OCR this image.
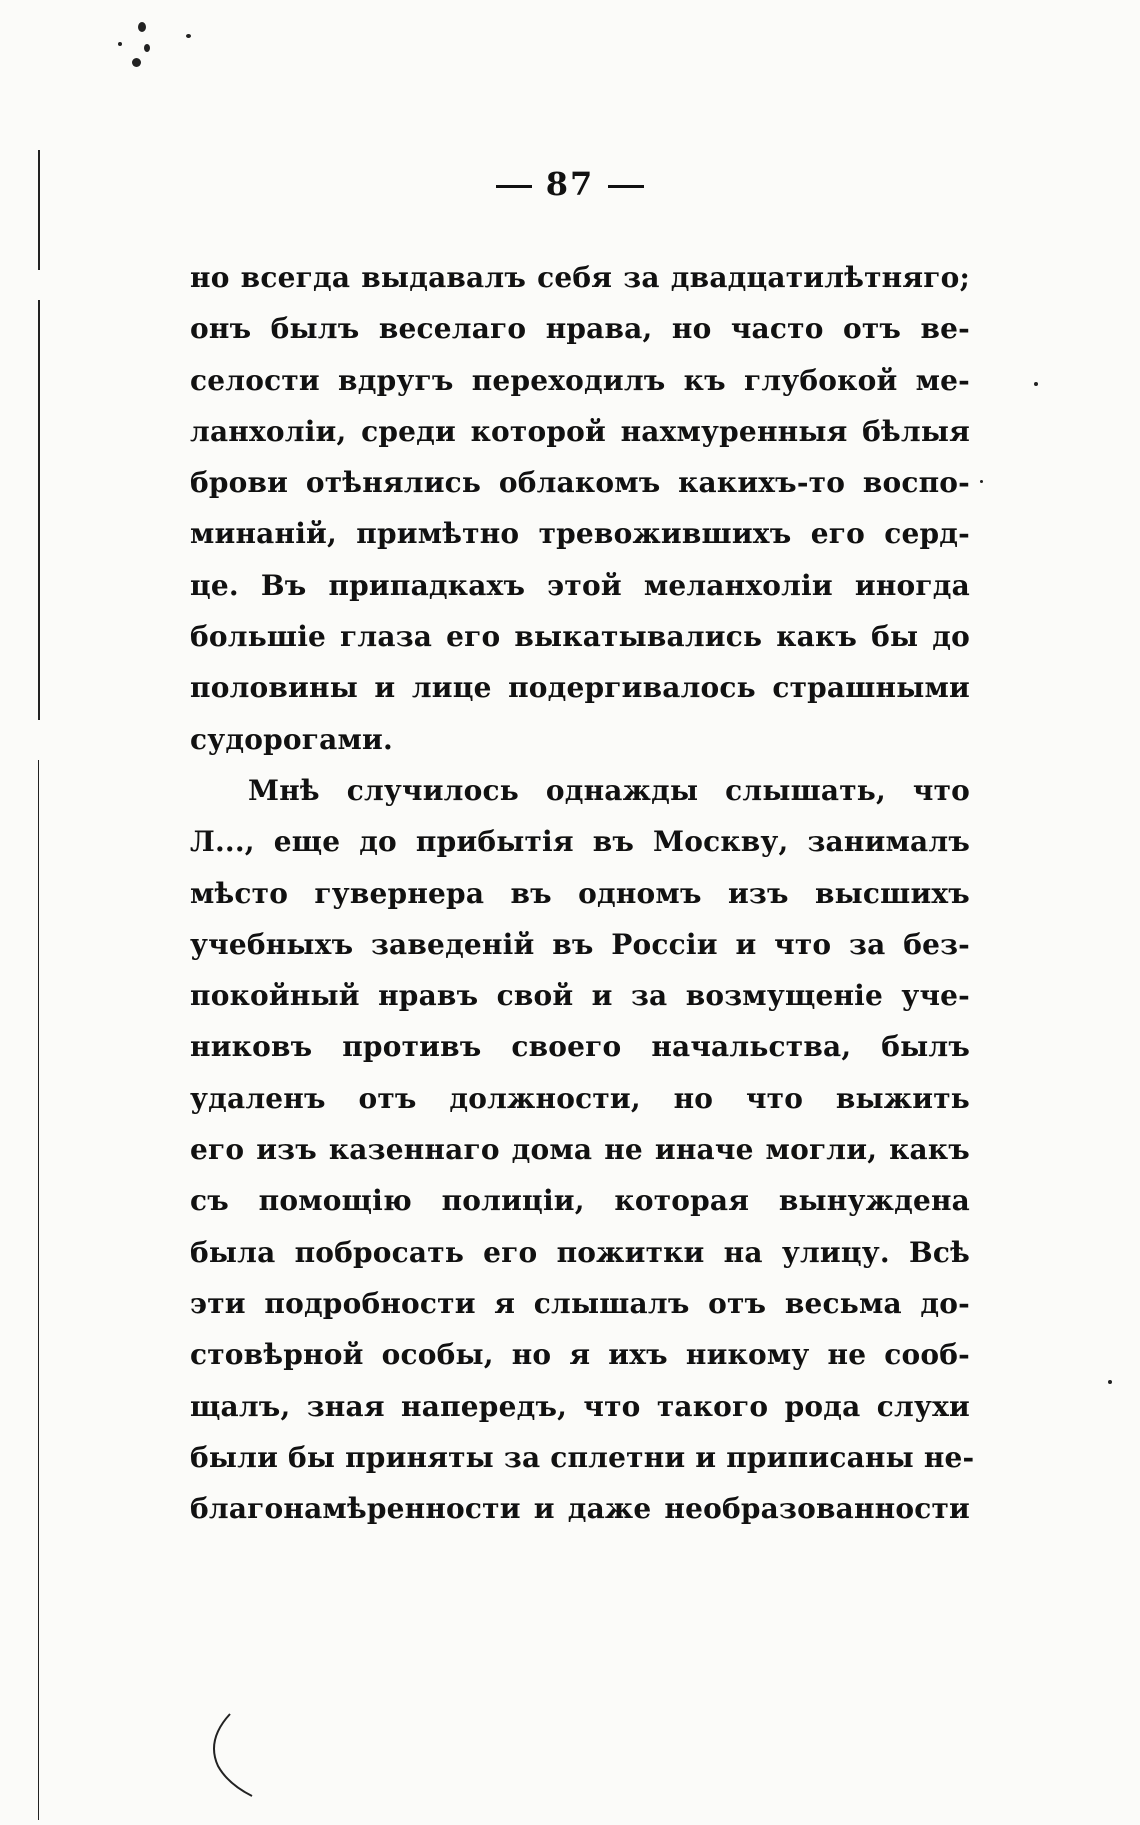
87
но всегда выдавалъ себя за двадцатилѣтняго;
онъ былъ веселаго нрава, но часто отъ ве-
селости вдругъ переходилъ къ глубокой ме-
ланхоліи, среди которой нахмуренныя бѣлыя
брови отѣнялись облакомъ какихъ-то воспо-
минаній, примѣтно тревожившихъ его серд-
це. Въ припадкахъ этой меланхоліи иногда
большіе глаза его выкатывались какъ бы до
половины и лице подергивалось страшными
судорогами.
Мнѣ случилось однажды слышать, что
Л..., еще до прибытія въ Москву, занималъ
мѣсто гувернера въ одномъ изъ высшихъ
учебныхъ заведеній въ Россіи и что за без-
покойный нравъ свой и за возмущеніе уче-
никовъ противъ своего начальства, былъ
удаленъ отъ должности, но что выжить
его изъ казеннаго дома не иначе могли, какъ
съ помощію полиціи, которая вынуждена
была побросать его пожитки на улицу. Всѣ
эти подробности я слышалъ отъ весьма до-
стовѣрной особы, но я ихъ никому не сооб-
щалъ, зная напередъ, что такого рода слухи
были бы приняты за сплетни и приписаны не-
благонамѣренности и даже необразованности
